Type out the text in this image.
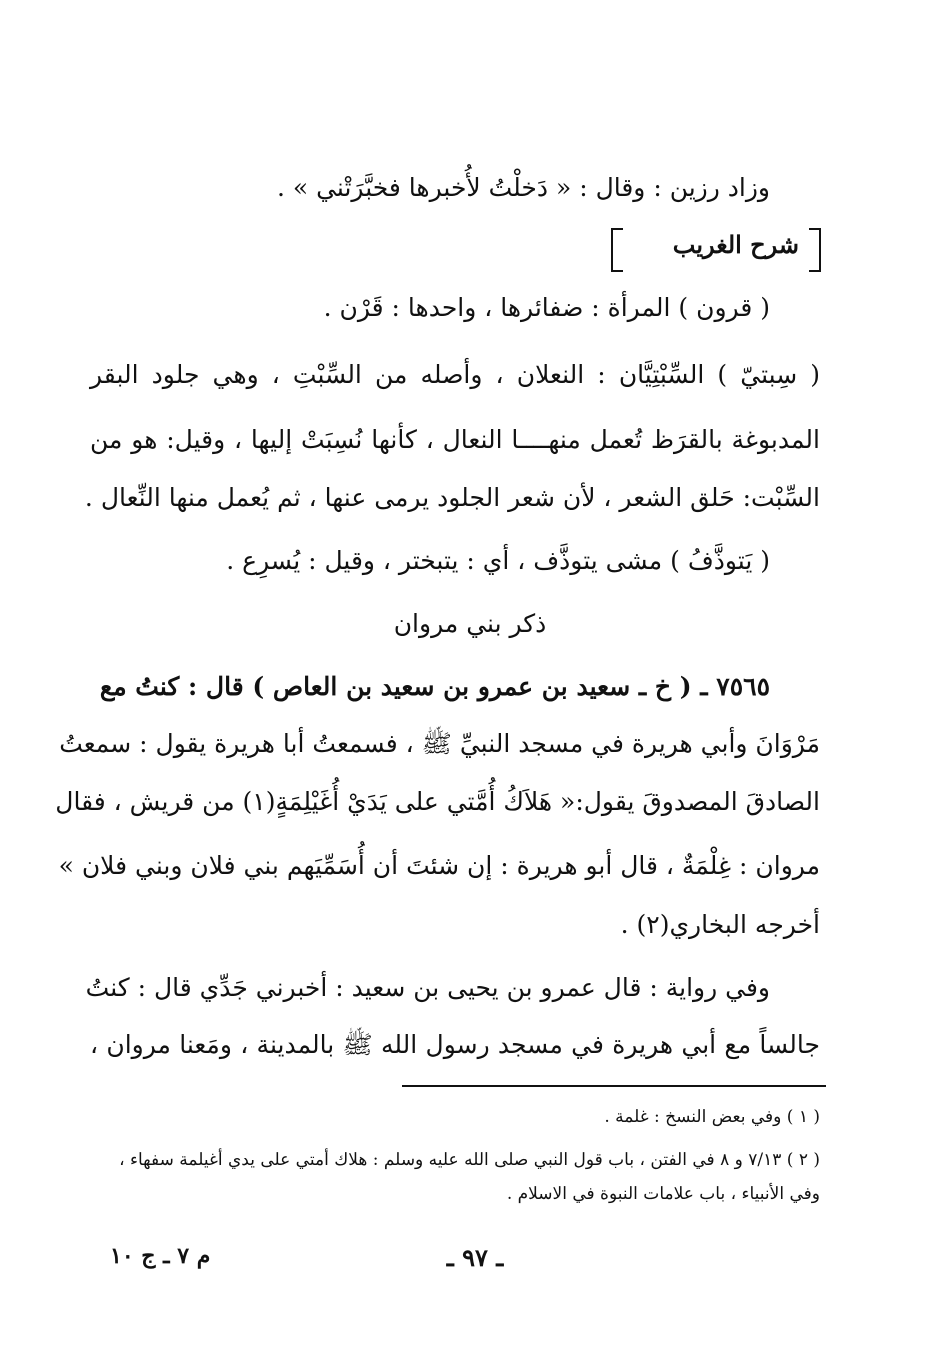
وزاد رزين : وقال : « دَخلْتُ لأُخبرها فخبَّرَتْني » .
شرح الغريب
( قرون ) المرأة : ضفائرها ، واحدها : قَرْن .
( سِبتيّ ) السِّبْتِيَّان : النعلان ، وأصله من السِّبْتِ ، وهي جلود البقر
المدبوغة بالقرَظ تُعمل منهــــا النعال ، كأنها نُسِبَتْ إليها ، وقيل: هو من
السِّبْت: حَلق الشعر ، لأن شعر الجلود يرمى عنها ، ثم يُعمل منها النِّعال .
( يَتوذَّفُ ) مشى يتوذَّف ، أي : يتبختر ، وقيل : يُسرِع .
ذكر بني مروان
٧٥٦٥ ـ ( خ ـ سعيد بن عمرو بن سعيد بن العاص ) قال : كنتُ مع
مَرْوَانَ وأبي هريرة في مسجد النبيِّ ﷺ ، فسمعتُ أبا هريرة يقول : سمعتُ
الصادقَ المصدوقَ يقول:« هَلاَكُ أُمَّتي على يَدَيْ أُغَيْلِمَةٍ(١) من قريش ، فقال
مروان : غِلْمَةٌ ، قال أبو هريرة : إن شئتَ أن أُسَمِّيَهم بني فلان وبني فلان »
أخرجه البخاري(٢) .
وفي رواية : قال عمرو بن يحيى بن سعيد : أخبرني جَدِّي قال : كنتُ
جالساً مع أبي هريرة في مسجد رسول الله ﷺ بالمدينة ، ومَعنا مروان ،
( ١ ) وفي بعض النسخ : غلمة .
( ٢ ) ٧/١٣ و ٨ في الفتن ، باب قول النبي صلى الله عليه وسلم : هلاك أمتي على يدي أغيلمة سفهاء ،
وفي الأنبياء ، باب علامات النبوة في الاسلام .
ـ ٩٧ ـ
م ٧ ـ ج ١٠
